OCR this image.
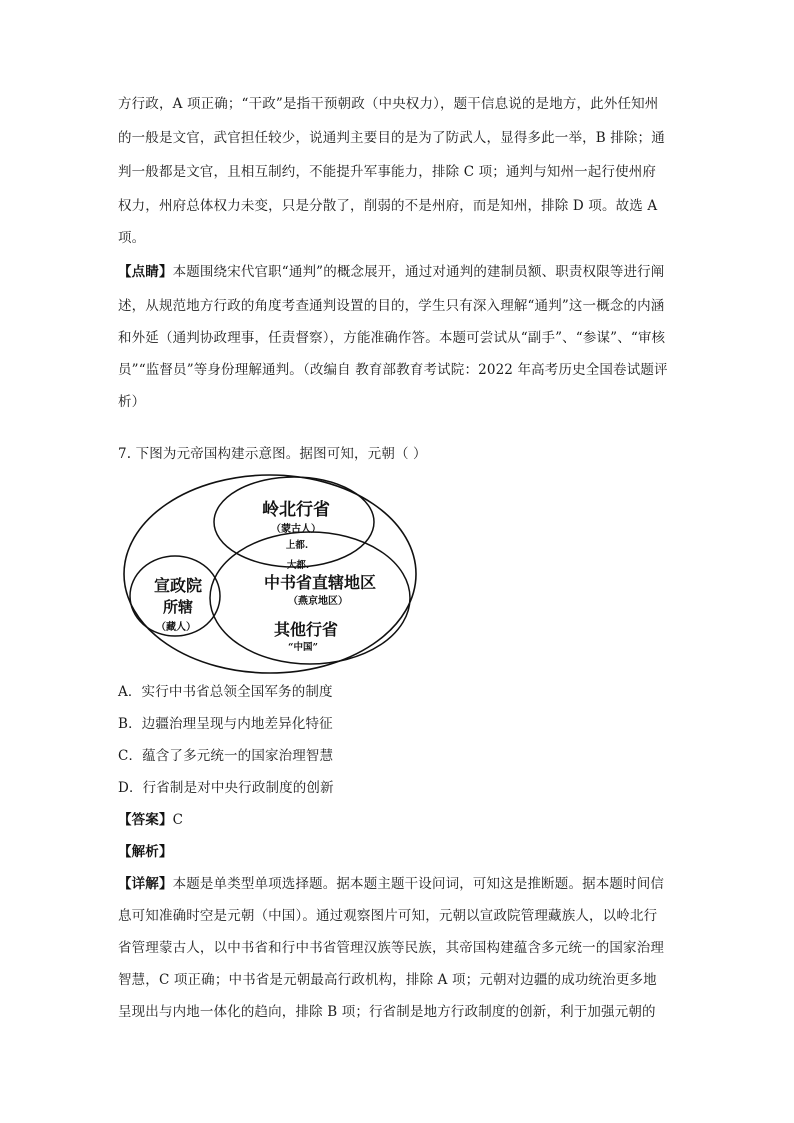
方行政，A 项正确；“干政”是指干预朝政（中央权力），题干信息说的是地方，此外任知州
的一般是文官，武官担任较少，说通判主要目的是为了防武人，显得多此一举，B 排除；通
判一般都是文官，且相互制约，不能提升军事能力，排除 C 项；通判与知州一起行使州府
权力，州府总体权力未变，只是分散了，削弱的不是州府，而是知州，排除 D 项。故选 A
项。
【点睛】本题围绕宋代官职“通判”的概念展开，通过对通判的建制员额、职责权限等进行阐
述，从规范地方行政的角度考查通判设置的目的，学生只有深入理解“通判”这一概念的内涵
和外延（通判协政理事，任责督察），方能准确作答。本题可尝试从“副手”、“参谋”、“审核
员”“监督员”等身份理解通判。（改编自 教育部教育考试院：2022 年高考历史全国卷试题评
析）
7. 下图为元帝国构建示意图。据图可知，元朝（ ）
岭北行省
（蒙古人）
上都.
大都.
宣政院
所辖
（藏人）
中书省直辖地区
（燕京地区）
其他行省
“中国”
A．实行中书省总领全国军务的制度
B．边疆治理呈现与内地差异化特征
C．蕴含了多元统一的国家治理智慧
D．行省制是对中央行政制度的创新
【答案】C
【解析】
【详解】本题是单类型单项选择题。据本题主题干设问词，可知这是推断题。据本题时间信
息可知准确时空是元朝（中国）。通过观察图片可知，元朝以宣政院管理藏族人，以岭北行
省管理蒙古人，以中书省和行中书省管理汉族等民族，其帝国构建蕴含多元统一的国家治理
智慧，C 项正确；中书省是元朝最高行政机构，排除 A 项；元朝对边疆的成功统治更多地
呈现出与内地一体化的趋向，排除 B 项；行省制是地方行政制度的创新，利于加强元朝的
